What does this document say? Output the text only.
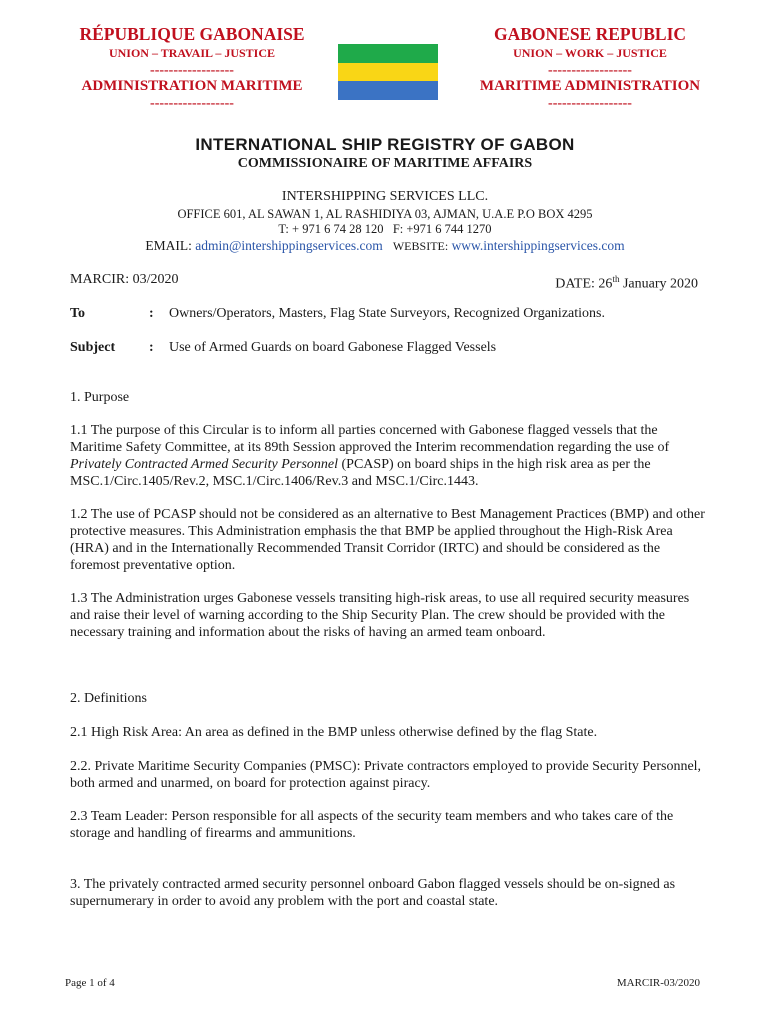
RÉPUBLIQUE GABONAISE
UNION – TRAVAIL – JUSTICE
------------------
ADMINISTRATION MARITIME
------------------
GABONESE REPUBLIC
UNION – WORK – JUSTICE
------------------
MARITIME ADMINISTRATION
------------------
INTERNATIONAL SHIP REGISTRY OF GABON
COMMISSIONAIRE OF MARITIME AFFAIRS
INTERSHIPPING SERVICES LLC.
OFFICE 601, AL SAWAN 1, AL RASHIDIYA 03, AJMAN, U.A.E P.O BOX 4295
T: + 971 6 74 28 120   F: +971 6 744 1270
EMAIL: admin@intershippingservices.com WEBSITE: www.intershippingservices.com
MARCIR: 03/2020	DATE: 26th January 2020
To	: Owners/Operators, Masters, Flag State Surveyors, Recognized Organizations.
Subject : Use of Armed Guards on board Gabonese Flagged Vessels
1. Purpose
1.1 The purpose of this Circular is to inform all parties concerned with Gabonese flagged vessels that the Maritime Safety Committee, at its 89th Session approved the Interim recommendation regarding the use of Privately Contracted Armed Security Personnel (PCASP) on board ships in the high risk area as per the MSC.1/Circ.1405/Rev.2, MSC.1/Circ.1406/Rev.3 and MSC.1/Circ.1443.
1.2 The use of PCASP should not be considered as an alternative to Best Management Practices (BMP) and other protective measures. This Administration emphasis the that BMP be applied throughout the High-Risk Area (HRA) and in the Internationally Recommended Transit Corridor (IRTC) and should be considered as the foremost preventative option.
1.3 The Administration urges Gabonese vessels transiting high-risk areas, to use all required security measures and raise their level of warning according to the Ship Security Plan. The crew should be provided with the necessary training and information about the risks of having an armed team onboard.
2. Definitions
2.1 High Risk Area: An area as defined in the BMP unless otherwise defined by the flag State.
2.2. Private Maritime Security Companies (PMSC): Private contractors employed to provide Security Personnel, both armed and unarmed, on board for protection against piracy.
2.3 Team Leader: Person responsible for all aspects of the security team members and who takes care of the storage and handling of firearms and ammunitions.
3. The privately contracted armed security personnel onboard Gabon flagged vessels should be on-signed as supernumerary in order to avoid any problem with the port and coastal state.
Page 1 of 4	MARCIR-03/2020
